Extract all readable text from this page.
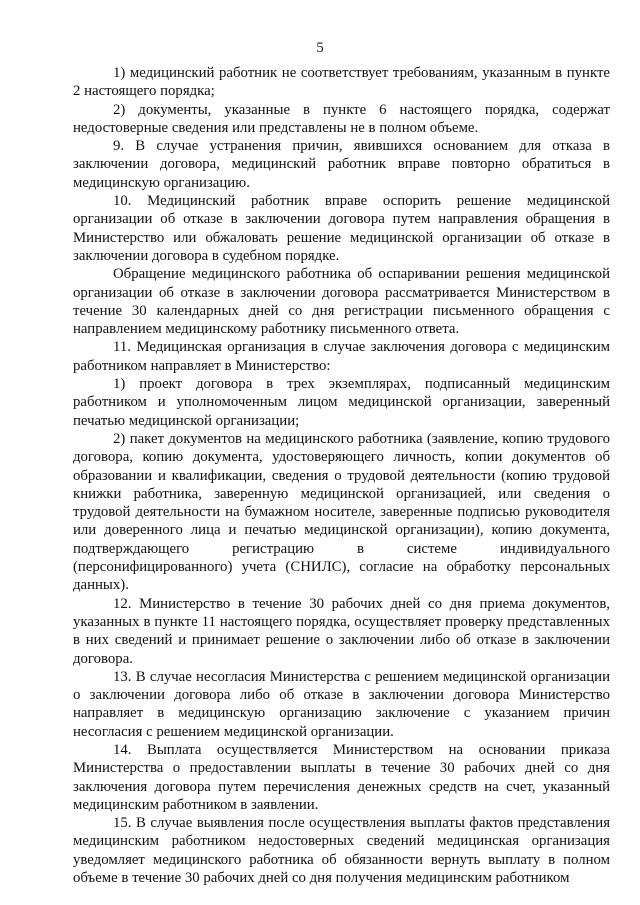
5

1) медицинский работник не соответствует требованиям, указанным в пункте 2 настоящего порядка;

2) документы, указанные в пункте 6 настоящего порядка, содержат недостоверные сведения или представлены не в полном объеме.

9. В случае устранения причин, явившихся основанием для отказа в заключении договора, медицинский работник вправе повторно обратиться в медицинскую организацию.

10. Медицинский работник вправе оспорить решение медицинской организации об отказе в заключении договора путем направления обращения в Министерство или обжаловать решение медицинской организации об отказе в заключении договора в судебном порядке.

Обращение медицинского работника об оспаривании решения медицинской организации об отказе в заключении договора рассматривается Министерством в течение 30 календарных дней со дня регистрации письменного обращения с направлением медицинскому работнику письменного ответа.

11. Медицинская организация в случае заключения договора с медицинским работником направляет в Министерство:

1) проект договора в трех экземплярах, подписанный медицинским работником и уполномоченным лицом медицинской организации, заверенный печатью медицинской организации;

2) пакет документов на медицинского работника (заявление, копию трудового договора, копию документа, удостоверяющего личность, копии документов об образовании и квалификации, сведения о трудовой деятельности (копию трудовой книжки работника, заверенную медицинской организацией, или сведения о трудовой деятельности на бумажном носителе, заверенные подписью руководителя или доверенного лица и печатью медицинской организации), копию документа, подтверждающего регистрацию в системе индивидуального (персонифицированного) учета (СНИЛС), согласие на обработку персональных данных).

12. Министерство в течение 30 рабочих дней со дня приема документов, указанных в пункте 11 настоящего порядка, осуществляет проверку представленных в них сведений и принимает решение о заключении либо об отказе в заключении договора.

13. В случае несогласия Министерства с решением медицинской организации о заключении договора либо об отказе в заключении договора Министерство направляет в медицинскую организацию заключение с указанием причин несогласия с решением медицинской организации.

14. Выплата осуществляется Министерством на основании приказа Министерства о предоставлении выплаты в течение 30 рабочих дней со дня заключения договора путем перечисления денежных средств на счет, указанный медицинским работником в заявлении.

15. В случае выявления после осуществления выплаты фактов представления медицинским работником недостоверных сведений медицинская организация уведомляет медицинского работника об обязанности вернуть выплату в полном объеме в течение 30 рабочих дней со дня получения медицинским работником
